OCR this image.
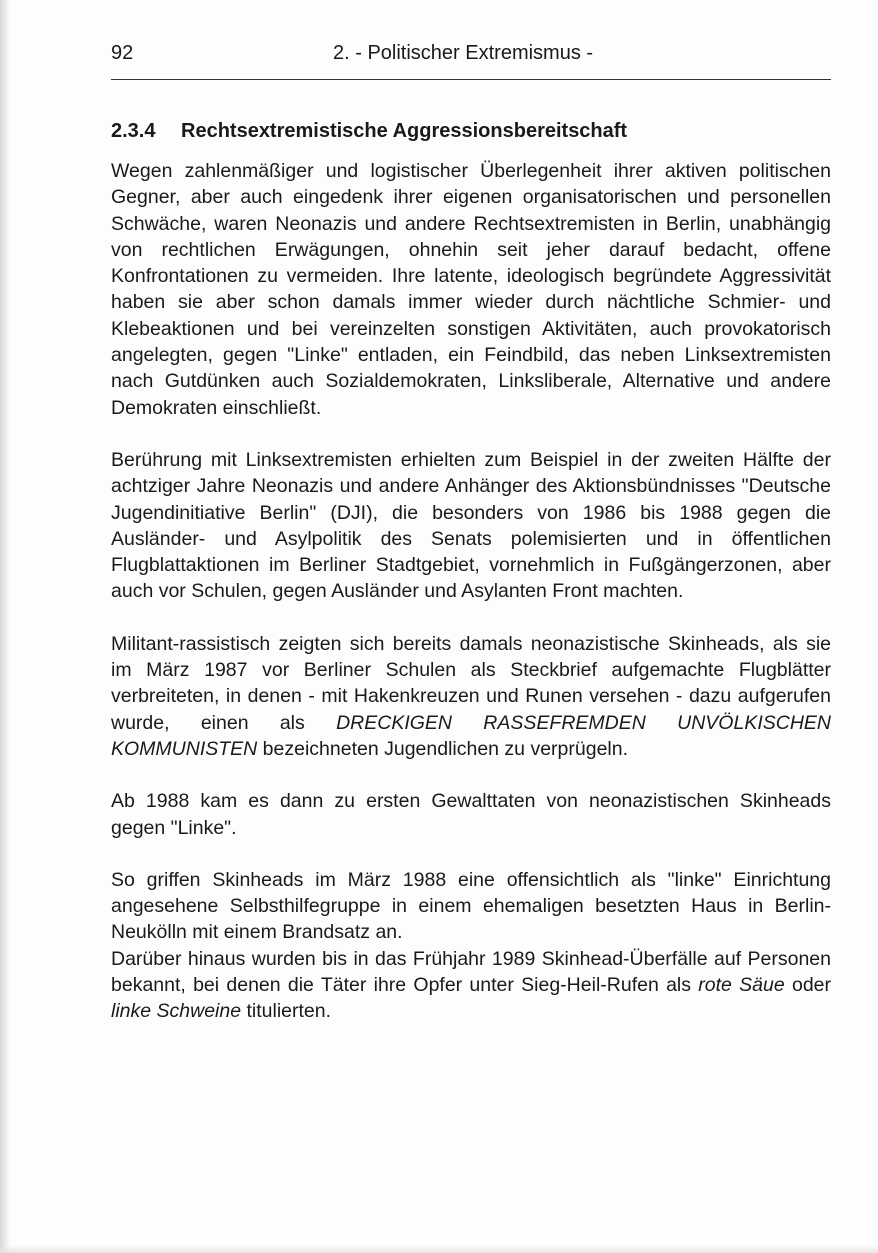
92	2. - Politischer Extremismus -
2.3.4 Rechtsextremistische Aggressionsbereitschaft

Wegen zahlenmäßiger und logistischer Überlegenheit ihrer aktiven politischen Gegner, aber auch eingedenk ihrer eigenen organisatorischen und personellen Schwäche, waren Neonazis und andere Rechtsextremisten in Berlin, unabhängig von rechtlichen Erwägungen, ohnehin seit jeher darauf bedacht, offene Konfrontationen zu vermeiden. Ihre latente, ideologisch begründete Aggressivität haben sie aber schon damals immer wieder durch nächtliche Schmier- und Klebeaktionen und bei vereinzelten sonstigen Aktivitäten, auch provokatorisch angelegten, gegen "Linke" entladen, ein Feindbild, das neben Linksextremisten nach Gutdünken auch Sozialdemokraten, Linksliberale, Alternative und andere Demokraten einschließt.

Berührung mit Linksextremisten erhielten zum Beispiel in der zweiten Hälfte der achtziger Jahre Neonazis und andere Anhänger des Aktionsbündnisses "Deutsche Jugendinitiative Berlin" (DJI), die besonders von 1986 bis 1988 gegen die Ausländer- und Asylpolitik des Senats polemisierten und in öffentlichen Flugblattaktionen im Berliner Stadtgebiet, vornehmlich in Fußgängerzonen, aber auch vor Schulen, gegen Ausländer und Asylanten Front machten.

Militant-rassistisch zeigten sich bereits damals neonazistische Skinheads, als sie im März 1987 vor Berliner Schulen als Steckbrief aufgemachte Flugblätter verbreiteten, in denen - mit Hakenkreuzen und Runen versehen - dazu aufgerufen wurde, einen als DRECKIGEN RASSEFREMDEN UNVÖLKISCHEN KOMMUNISTEN bezeichneten Jugendlichen zu verprügeln.

Ab 1988 kam es dann zu ersten Gewalttaten von neonazistischen Skinheads gegen "Linke".

So griffen Skinheads im März 1988 eine offensichtlich als "linke" Einrichtung angesehene Selbsthilfegruppe in einem ehemaligen besetzten Haus in Berlin-Neukölln mit einem Brandsatz an.

Darüber hinaus wurden bis in das Frühjahr 1989 Skinhead-Überfälle auf Personen bekannt, bei denen die Täter ihre Opfer unter Sieg-Heil-Rufen als rote Säue oder linke Schweine titulierten.
